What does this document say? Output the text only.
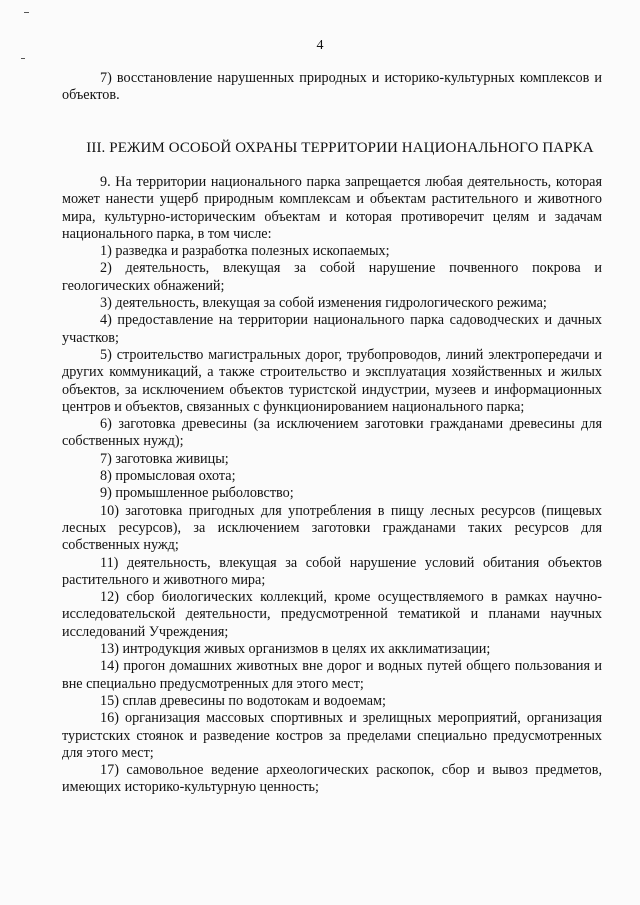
4

7) восстановление нарушенных природных и историко-культурных комплексов и объектов.

III. РЕЖИМ ОСОБОЙ ОХРАНЫ ТЕРРИТОРИИ НАЦИОНАЛЬНОГО ПАРКА

9. На территории национального парка запрещается любая деятельность, которая может нанести ущерб природным комплексам и объектам растительного и животного мира, культурно-историческим объектам и которая противоречит целям и задачам национального парка, в том числе:

1) разведка и разработка полезных ископаемых;

2) деятельность, влекущая за собой нарушение почвенного покрова и геологических обнажений;

3) деятельность, влекущая за собой изменения гидрологического режима;

4) предоставление на территории национального парка садоводческих и дачных участков;

5) строительство магистральных дорог, трубопроводов, линий электропередачи и других коммуникаций, а также строительство и эксплуатация хозяйственных и жилых объектов, за исключением объектов туристской индустрии, музеев и информационных центров и объектов, связанных с функционированием национального парка;

6) заготовка древесины (за исключением заготовки гражданами древесины для собственных нужд);

7) заготовка живицы;

8) промысловая охота;

9) промышленное рыболовство;

10) заготовка пригодных для употребления в пищу лесных ресурсов (пищевых лесных ресурсов), за исключением заготовки гражданами таких ресурсов для собственных нужд;

11) деятельность, влекущая за собой нарушение условий обитания объектов растительного и животного мира;

12) сбор биологических коллекций, кроме осуществляемого в рамках научно-исследовательской деятельности, предусмотренной тематикой и планами научных исследований Учреждения;

13) интродукция живых организмов в целях их акклиматизации;

14) прогон домашних животных вне дорог и водных путей общего пользования и вне специально предусмотренных для этого мест;

15) сплав древесины по водотокам и водоемам;

16) организация массовых спортивных и зрелищных мероприятий, организация туристских стоянок и разведение костров за пределами специально предусмотренных для этого мест;

17) самовольное ведение археологических раскопок, сбор и вывоз предметов, имеющих историко-культурную ценность;
